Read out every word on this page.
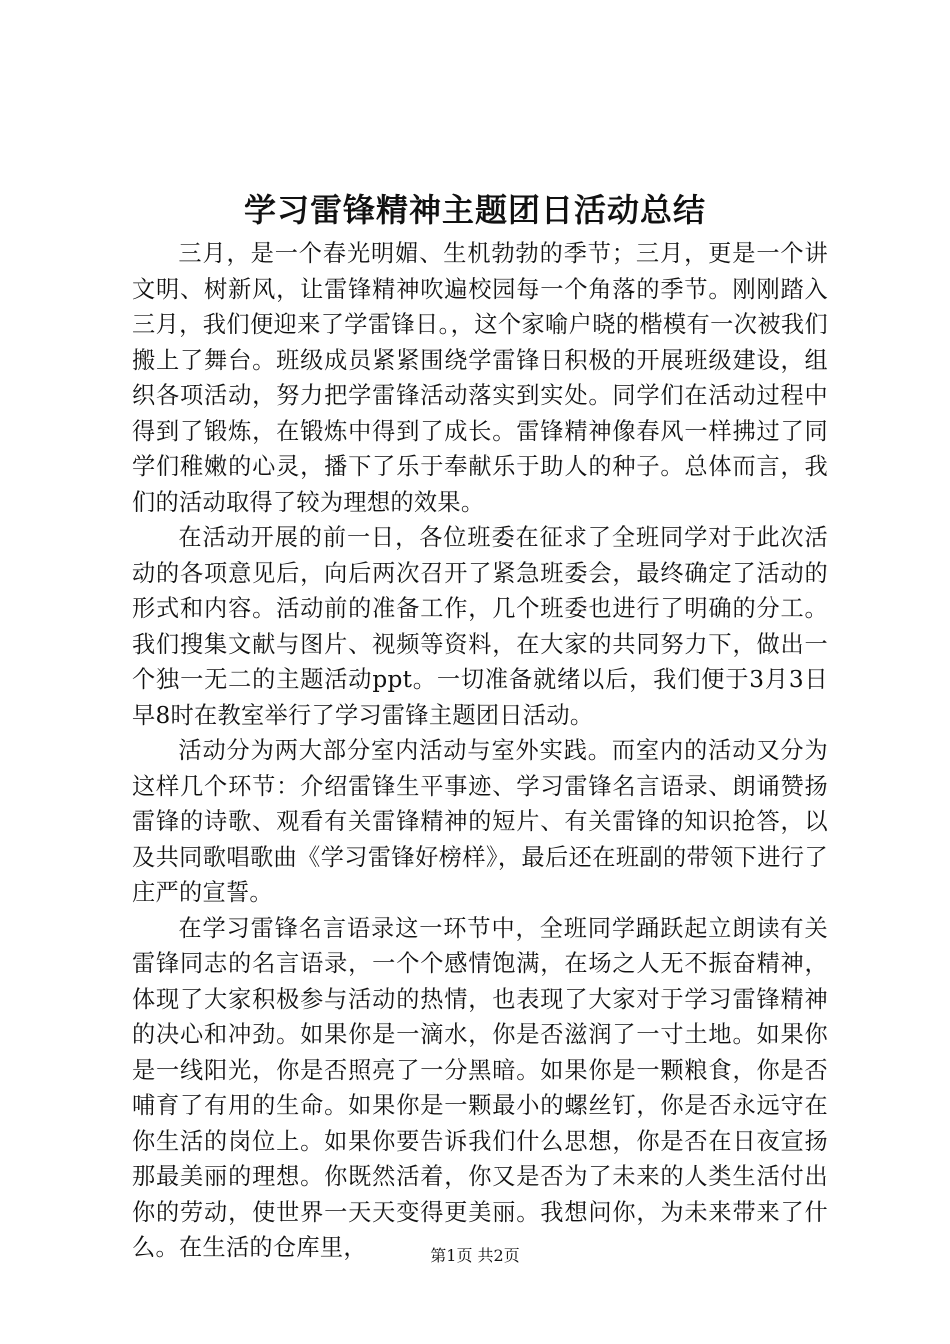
学习雷锋精神主题团日活动总结

三月，是一个春光明媚、生机勃勃的季节；三月，更是一个讲文明、树新风，让雷锋精神吹遍校园每一个角落的季节。刚刚踏入三月，我们便迎来了学雷锋日。，这个家喻户晓的楷模有一次被我们搬上了舞台。班级成员紧紧围绕学雷锋日积极的开展班级建设，组织各项活动，努力把学雷锋活动落实到实处。同学们在活动过程中得到了锻炼，在锻炼中得到了成长。雷锋精神像春风一样拂过了同学们稚嫩的心灵，播下了乐于奉献乐于助人的种子。总体而言，我们的活动取得了较为理想的效果。

在活动开展的前一日，各位班委在征求了全班同学对于此次活动的各项意见后，向后两次召开了紧急班委会，最终确定了活动的形式和内容。活动前的准备工作，几个班委也进行了明确的分工。我们搜集文献与图片、视频等资料，在大家的共同努力下，做出一个独一无二的主题活动ppt。一切准备就绪以后，我们便于3月3日早8时在教室举行了学习雷锋主题团日活动。

活动分为两大部分室内活动与室外实践。而室内的活动又分为这样几个环节：介绍雷锋生平事迹、学习雷锋名言语录、朗诵赞扬雷锋的诗歌、观看有关雷锋精神的短片、有关雷锋的知识抢答，以及共同歌唱歌曲《学习雷锋好榜样》，最后还在班副的带领下进行了庄严的宣誓。

在学习雷锋名言语录这一环节中，全班同学踊跃起立朗读有关雷锋同志的名言语录，一个个感情饱满，在场之人无不振奋精神，体现了大家积极参与活动的热情，也表现了大家对于学习雷锋精神的决心和冲劲。如果你是一滴水，你是否滋润了一寸土地。如果你是一线阳光，你是否照亮了一分黑暗。如果你是一颗粮食，你是否哺育了有用的生命。如果你是一颗最小的螺丝钉，你是否永远守在你生活的岗位上。如果你要告诉我们什么思想，你是否在日夜宣扬那最美丽的理想。你既然活着，你又是否为了未来的人类生活付出你的劳动，使世界一天天变得更美丽。我想问你，为未来带来了什么。在生活的仓库里，	第1页 共2页
